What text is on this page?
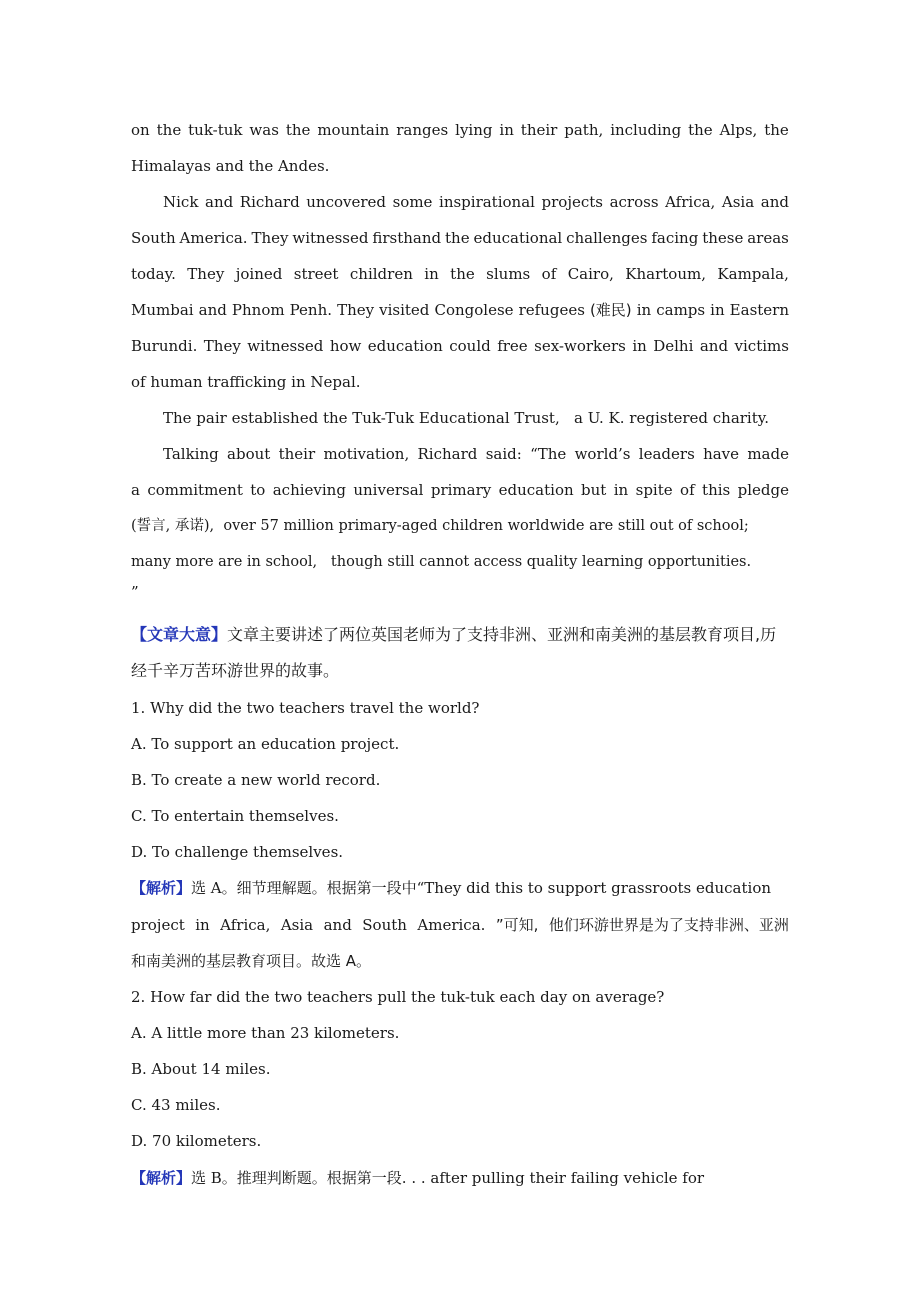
on the tuk-tuk was the mountain ranges lying in their path, including the Alps, the
Himalayas and the Andes.
Nick and Richard uncovered some inspirational projects across Africa, Asia and
South America. They witnessed firsthand the educational challenges facing these areas
today. They joined street children in the slums of Cairo, Khartoum, Kampala,
Mumbai and Phnom Penh. They visited Congolese refugees (难民) in camps in Eastern
Burundi. They witnessed how education could free sex-workers in Delhi and victims
of human trafficking in Nepal.
The pair established the Tuk-Tuk Educational Trust,   a U. K. registered charity.
Talking about their motivation, Richard said: “The world’s leaders have made
a commitment to achieving universal primary education but in spite of this pledge
(誓言, 承诺),  over 57 million primary-aged children worldwide are still out of school;
many more are in school,   though still cannot access quality learning opportunities.
”
【文章大意】文章主要讲述了两位英国老师为了支持非洲、亚洲和南美洲的基层教育项目,历
经千辛万苦环游世界的故事。
1. Why did the two teachers travel the world?
A. To support an education project.
B. To create a new world record.
C. To entertain themselves.
D. To challenge themselves.
【解析】选 A。细节理解题。根据第一段中“They did this to support grassroots education
project in Africa, Asia and South America. ”可知, 他们环游世界是为了支持非洲、亚洲
和南美洲的基层教育项目。故选 A。
2. How far did the two teachers pull the tuk-tuk each day on average?
A. A little more than 23 kilometers.
B. About 14 miles.
C. 43 miles.
D. 70 kilometers.
【解析】选 B。推理判断题。根据第一段. . . after pulling their failing vehicle for
